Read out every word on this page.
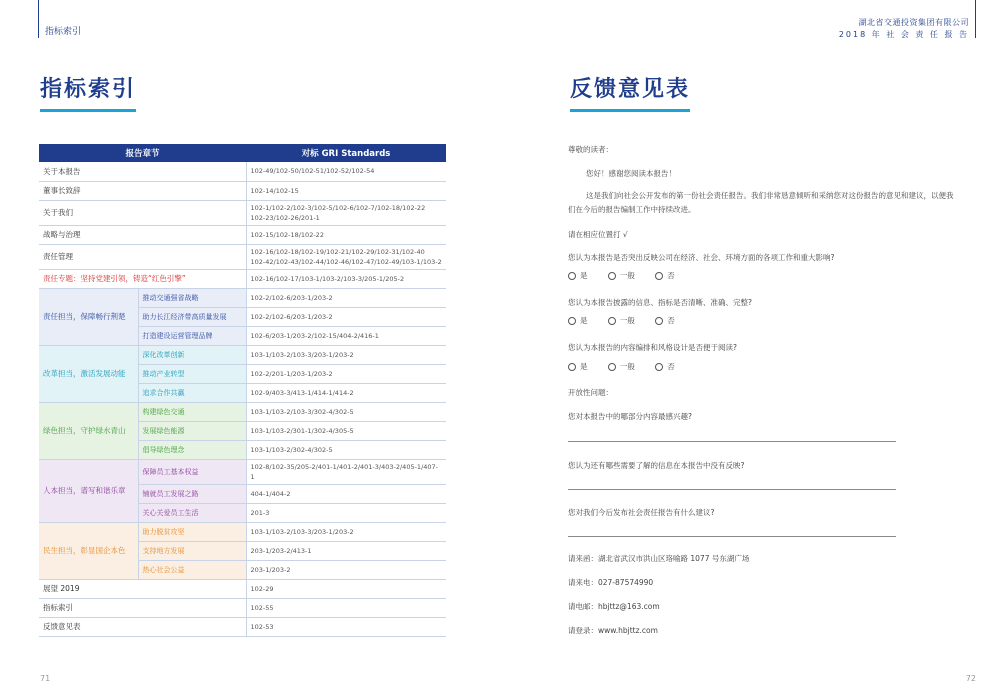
指标索引
湖北省交通投资集团有限公司
2018 年 社 会 责 任 报 告
指标索引
报告章节		对标 GRI Standards
关于本报告		102-49/102-50/102-51/102-52/102-54
董事长致辞		102-14/102-15
关于我们		102-1/102-2/102-3/102-5/102-6/102-7/102-18/102-22
102-23/102-26/201-1

战略与治理		102-15/102-18/102-22
责任管理		102-16/102-18/102-19/102-21/102-29/102-31/102-40
102-42/102-43/102-44/102-46/102-47/102-49/103-1/103-2

责任专题：坚持党建引领，铸造“红色引擎”		102-16/102-17/103-1/103-2/103-3/205-1/205-2
责任担当，保障畅行荆楚	推动交通强省战略	102-2/102-6/203-1/203-2
	助力长江经济带高质量发展	102-2/102-6/203-1/203-2
	打造建设运营管理品牌	102-6/203-1/203-2/102-15/404-2/416-1
改革担当，激活发展动能	深化改革创新	103-1/103-2/103-3/203-1/203-2
	推动产业转型	102-2/201-1/203-1/203-2
	追求合作共赢	102-9/403-3/413-1/414-1/414-2
绿色担当，守护绿水青山	构建绿色交通	103-1/103-2/103-3/302-4/302-5
	发展绿色能源	103-1/103-2/301-1/302-4/305-5
	倡导绿色理念	103-1/103-2/302-4/302-5
人本担当，谱写和谐乐章	保障员工基本权益	102-8/102-35/205-2/401-1/401-2/401-3/403-2/405-1/407-1
	铺就员工发展之路	404-1/404-2
	关心关爱员工生活	201-3
民生担当，彰显国企本色	助力脱贫攻坚	103-1/103-2/103-3/203-1/203-2
	支持地方发展	203-1/203-2/413-1
	热心社会公益	203-1/203-2
展望 2019		102-29
指标索引		102-55
反馈意见表		102-53
71
反馈意见表
尊敬的读者：
您好！感谢您阅读本报告！
这是我们向社会公开发布的第一份社会责任报告。我们非常恳意倾听和采纳您对这份报告的意见和建议，以便我
们在今后的报告编制工作中持续改进。
请在相应位置打 √
您认为本报告是否突出反映公司在经济、社会、环境方面的各项工作和重大影响?
是
	一般
	否
您认为本报告披露的信息、指标是否清晰、准确、完整?
是
	一般
	否
您认为本报告的内容编排和风格设计是否便于阅读?
是
	一般
	否
开放性问题：
您对本报告中的哪部分内容最感兴趣?
您认为还有哪些需要了解的信息在本报告中没有反映?
您对我们今后发布社会责任报告有什么建议?
请来函：湖北省武汉市洪山区珞喻路 1077 号东湖广场
请来电：027-87574990
请电邮：hbjttz@163.com
请登录：www.hbjttz.com
72
